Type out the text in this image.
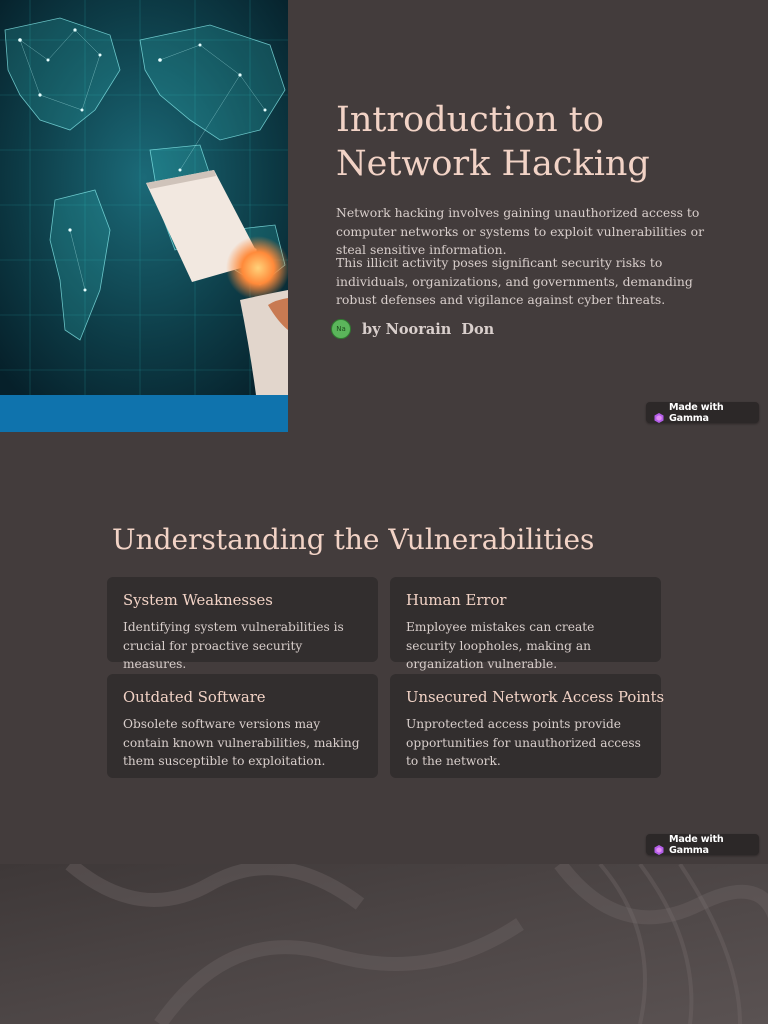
Introduction to
Network Hacking

Network hacking involves gaining unauthorized access to computer networks or systems to exploit vulnerabilities or steal sensitive information.

This illicit activity poses significant security risks to individuals, organizations, and governments, demanding robust defenses and vigilance against cyber threats.

Na	by Noorain  Don
Made with Gamma
Understanding the Vulnerabilities
System Weaknesses

Identifying system vulnerabilities is crucial for proactive security measures.

Human Error

Employee mistakes can create security loopholes, making an organization vulnerable.

Outdated Software

Obsolete software versions may contain known vulnerabilities, making them susceptible to exploitation.

Unsecured Network Access Points

Unprotected access points provide opportunities for unauthorized access to the network.

Made with Gamma
